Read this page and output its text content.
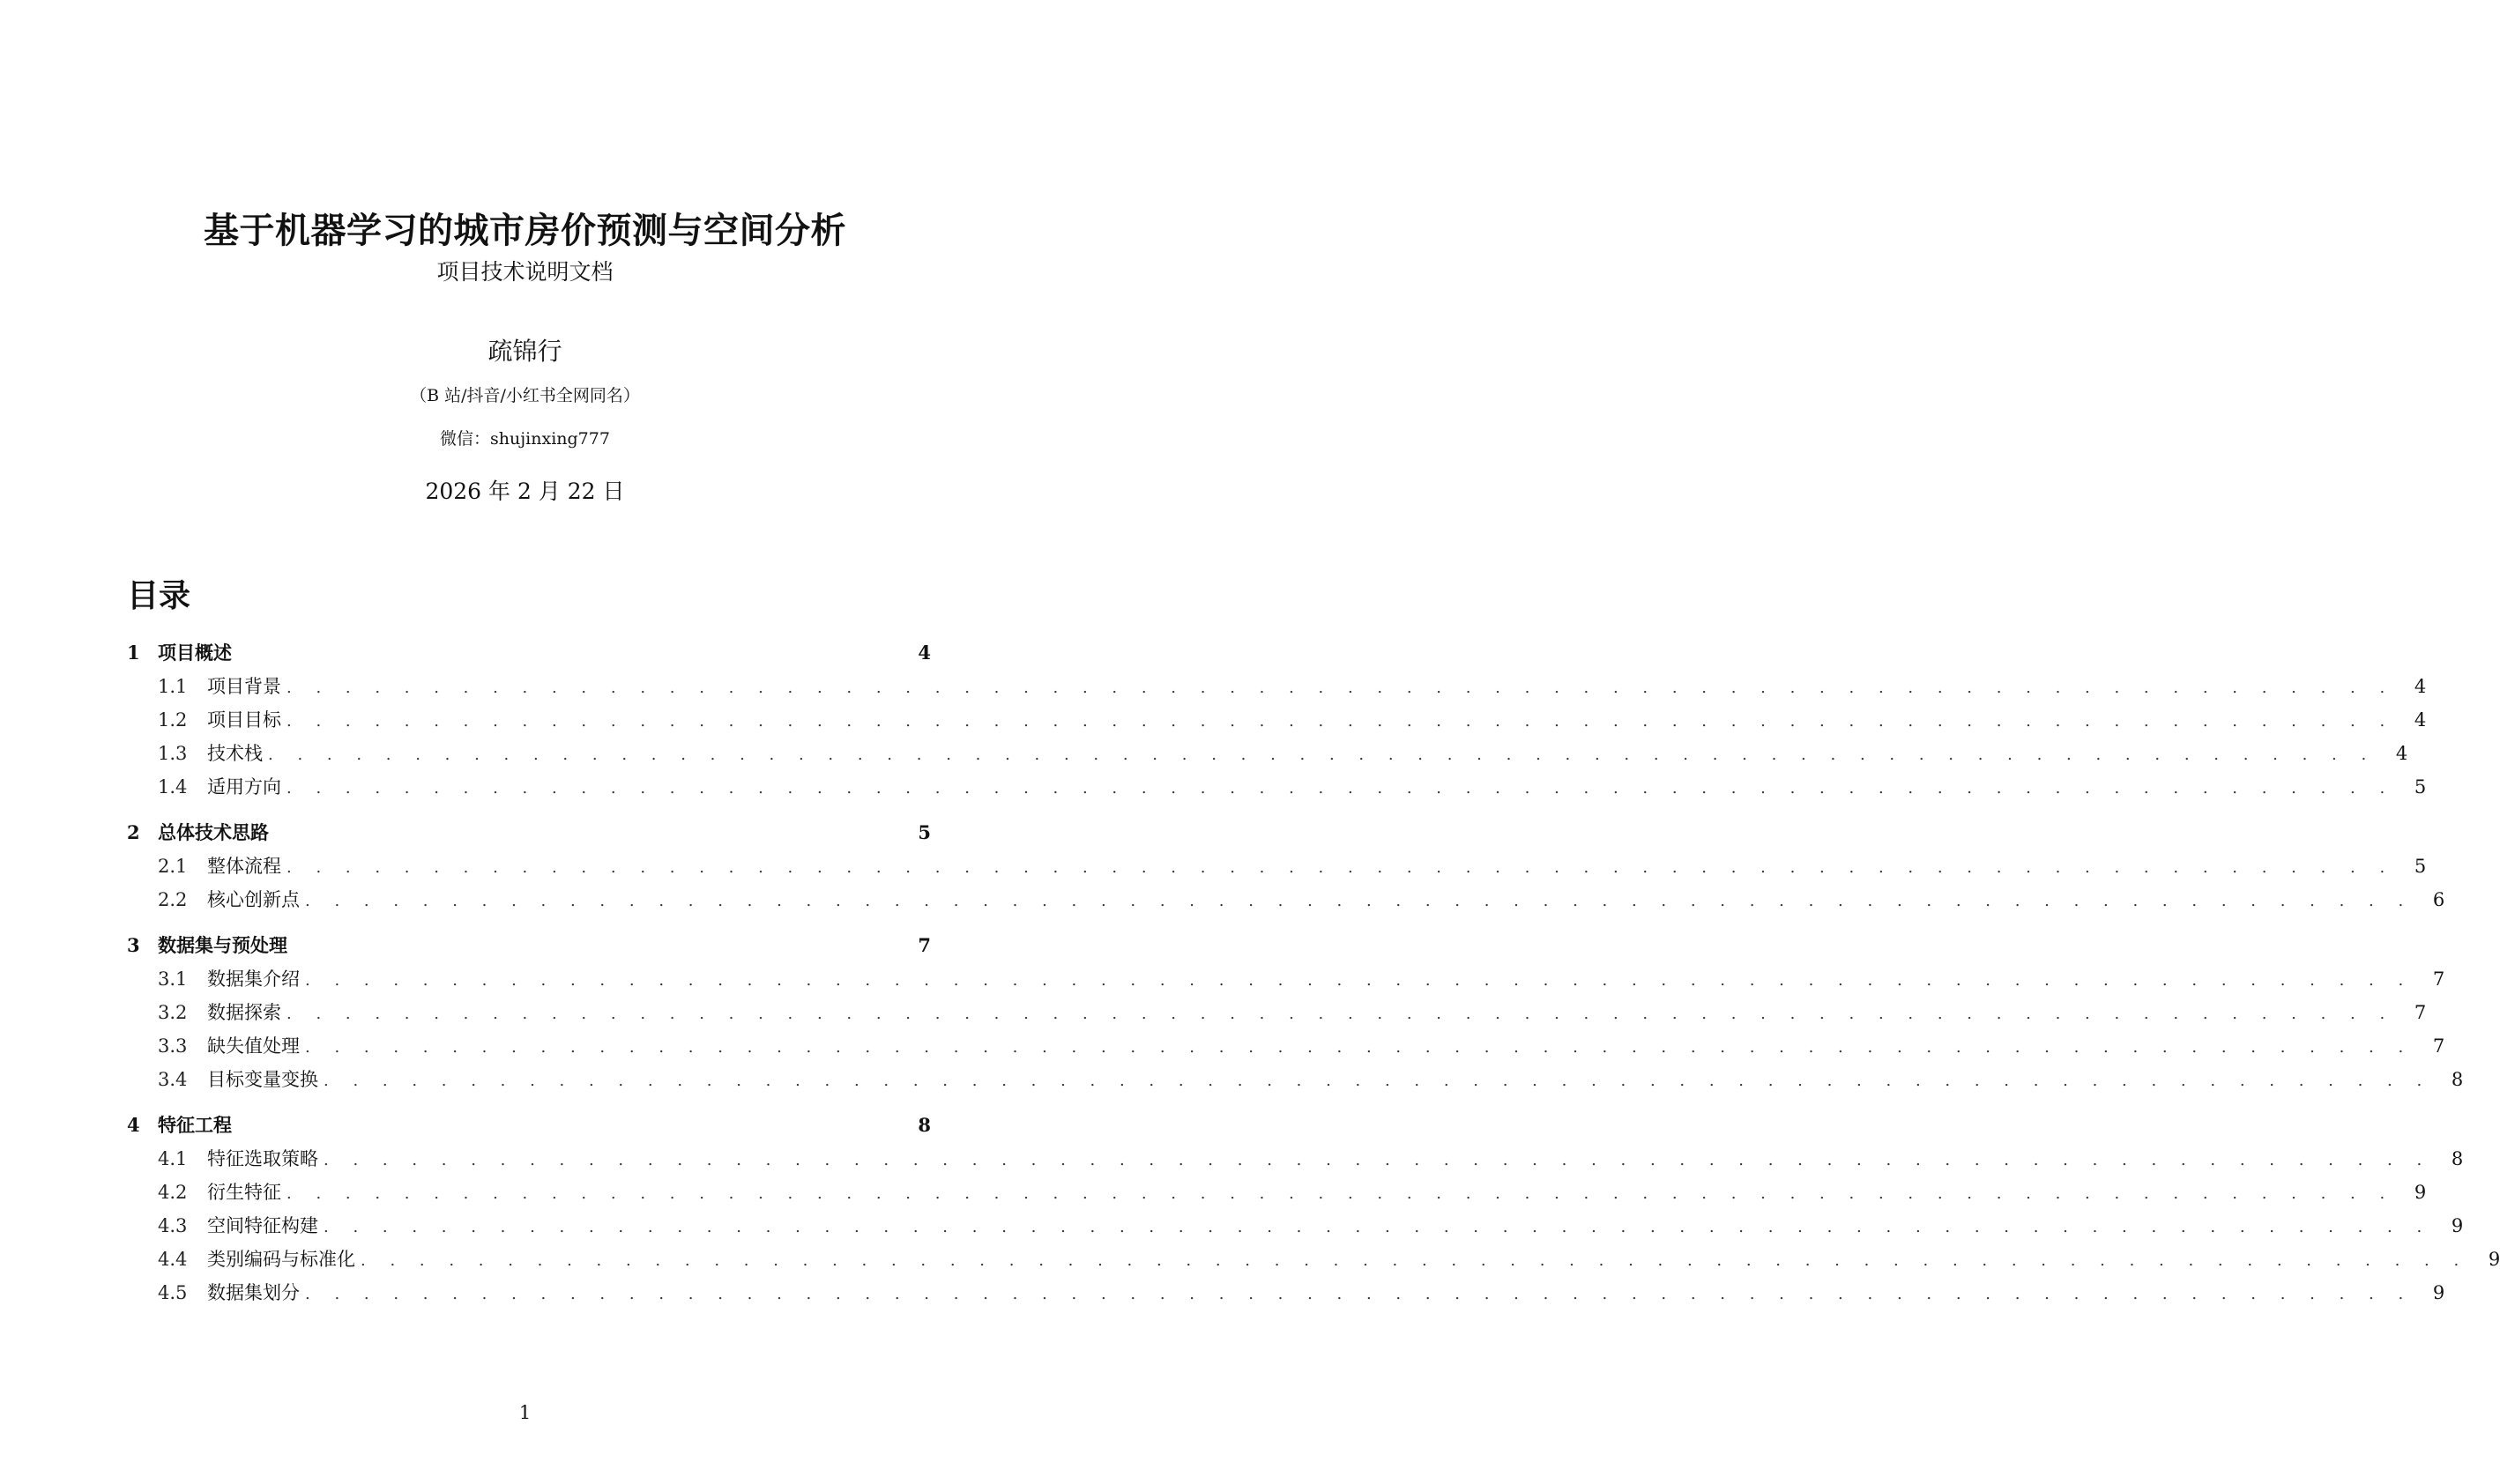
基于机器学习的城市房价预测与空间分析
项目技术说明文档
疏锦行
（B 站/抖音/小红书全网同名）
微信：shujinxing777
2026 年 2 月 22 日
目录
1 项目概述	4
1.1	项目背景 . . . . . . . . . . . . . . . . . . . . . . . . . . . . . . . . . . . . . . . . . . . . . . . . . . . . . . . . . . . . . . . . . . . . . . . .	4
1.2	项目目标 . . . . . . . . . . . . . . . . . . . . . . . . . . . . . . . . . . . . . . . . . . . . . . . . . . . . . . . . . . . . . . . . . . . . . . . .	4
1.3	技术栈 . . . . . . . . . . . . . . . . . . . . . . . . . . . . . . . . . . . . . . . . . . . . . . . . . . . . . . . . . . . . . . . . . . . . . . . .	4
1.4	适用方向 . . . . . . . . . . . . . . . . . . . . . . . . . . . . . . . . . . . . . . . . . . . . . . . . . . . . . . . . . . . . . . . . . . . . . . . .	5
2 总体技术思路	5
2.1	整体流程 . . . . . . . . . . . . . . . . . . . . . . . . . . . . . . . . . . . . . . . . . . . . . . . . . . . . . . . . . . . . . . . . . . . . . . . .	5
2.2	核心创新点 . . . . . . . . . . . . . . . . . . . . . . . . . . . . . . . . . . . . . . . . . . . . . . . . . . . . . . . . . . . . . . . . . . . . . . . .	6
3 数据集与预处理	7
3.1	数据集介绍 . . . . . . . . . . . . . . . . . . . . . . . . . . . . . . . . . . . . . . . . . . . . . . . . . . . . . . . . . . . . . . . . . . . . . . . .	7
3.2	数据探索 . . . . . . . . . . . . . . . . . . . . . . . . . . . . . . . . . . . . . . . . . . . . . . . . . . . . . . . . . . . . . . . . . . . . . . . .	7
3.3	缺失值处理 . . . . . . . . . . . . . . . . . . . . . . . . . . . . . . . . . . . . . . . . . . . . . . . . . . . . . . . . . . . . . . . . . . . . . . . .	7
3.4	目标变量变换 . . . . . . . . . . . . . . . . . . . . . . . . . . . . . . . . . . . . . . . . . . . . . . . . . . . . . . . . . . . . . . . . . . . . . . . .	8
4 特征工程	8
4.1	特征选取策略 . . . . . . . . . . . . . . . . . . . . . . . . . . . . . . . . . . . . . . . . . . . . . . . . . . . . . . . . . . . . . . . . . . . . . . . .	8
4.2	衍生特征 . . . . . . . . . . . . . . . . . . . . . . . . . . . . . . . . . . . . . . . . . . . . . . . . . . . . . . . . . . . . . . . . . . . . . . . .	9
4.3	空间特征构建 . . . . . . . . . . . . . . . . . . . . . . . . . . . . . . . . . . . . . . . . . . . . . . . . . . . . . . . . . . . . . . . . . . . . . . . .	9
4.4	类别编码与标准化 . . . . . . . . . . . . . . . . . . . . . . . . . . . . . . . . . . . . . . . . . . . . . . . . . . . . . . . . . . . . . . . . . . . . . . . .	9
4.5	数据集划分 . . . . . . . . . . . . . . . . . . . . . . . . . . . . . . . . . . . . . . . . . . . . . . . . . . . . . . . . . . . . . . . . . . . . . . . .	9
1
